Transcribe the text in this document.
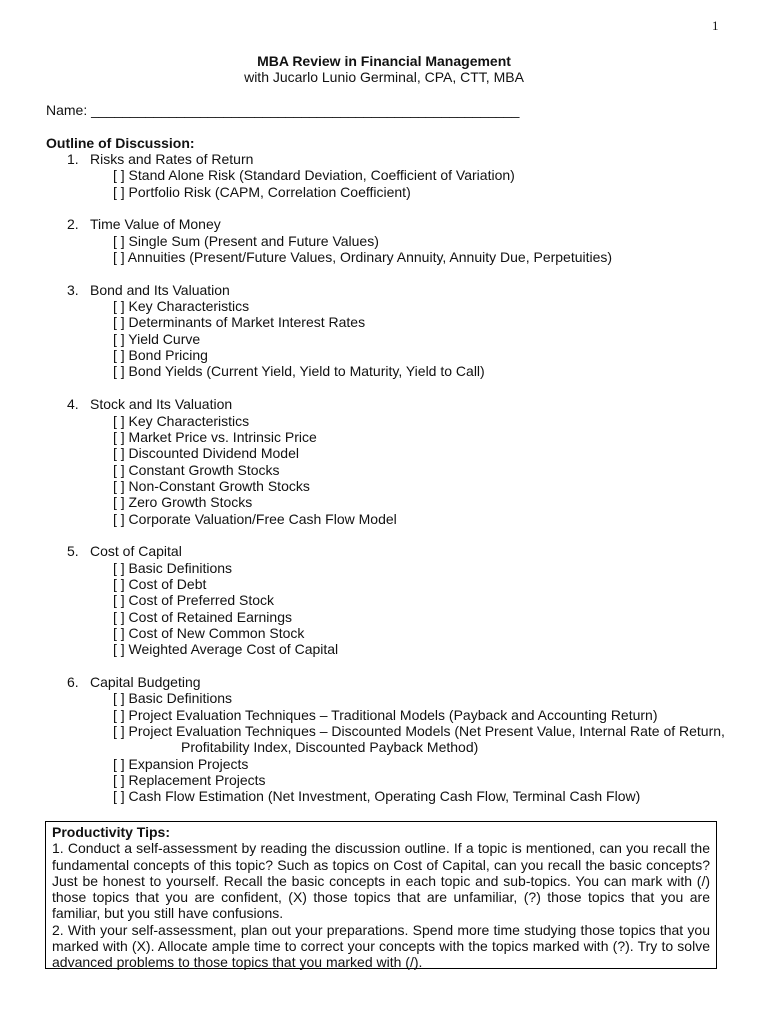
1
MBA Review in Financial Management
with Jucarlo Lunio Germinal, CPA, CTT, MBA
Name: _______________________________________________________
Outline of Discussion:
1. Risks and Rates of Return
[ ] Stand Alone Risk (Standard Deviation, Coefficient of Variation)
[ ] Portfolio Risk (CAPM, Correlation Coefficient)
2. Time Value of Money
[ ] Single Sum (Present and Future Values)
[ ] Annuities (Present/Future Values, Ordinary Annuity, Annuity Due, Perpetuities)
3. Bond and Its Valuation
[ ] Key Characteristics
[ ] Determinants of Market Interest Rates
[ ] Yield Curve
[ ] Bond Pricing
[ ] Bond Yields (Current Yield, Yield to Maturity, Yield to Call)
4. Stock and Its Valuation
[ ] Key Characteristics
[ ] Market Price vs. Intrinsic Price
[ ] Discounted Dividend Model
[ ] Constant Growth Stocks
[ ] Non-Constant Growth Stocks
[ ] Zero Growth Stocks
[ ] Corporate Valuation/Free Cash Flow Model
5. Cost of Capital
[ ] Basic Definitions
[ ] Cost of Debt
[ ] Cost of Preferred Stock
[ ] Cost of Retained Earnings
[ ] Cost of New Common Stock
[ ] Weighted Average Cost of Capital
6. Capital Budgeting
[ ] Basic Definitions
[ ] Project Evaluation Techniques – Traditional Models (Payback and Accounting Return)
[ ] Project Evaluation Techniques – Discounted Models (Net Present Value, Internal Rate of Return,
Profitability Index, Discounted Payback Method)
[ ] Expansion Projects
[ ] Replacement Projects
[ ] Cash Flow Estimation (Net Investment, Operating Cash Flow, Terminal Cash Flow)
Productivity Tips:

1. Conduct a self-assessment by reading the discussion outline. If a topic is mentioned, can you recall the fundamental concepts of this topic? Such as topics on Cost of Capital, can you recall the basic concepts? Just be honest to yourself. Recall the basic concepts in each topic and sub-topics. You can mark with (/) those topics that you are confident, (X) those topics that are unfamiliar, (?) those topics that you are familiar, but you still have confusions.

2. With your self-assessment, plan out your preparations. Spend more time studying those topics that you marked with (X). Allocate ample time to correct your concepts with the topics marked with (?). Try to solve advanced problems to those topics that you marked with (/).
